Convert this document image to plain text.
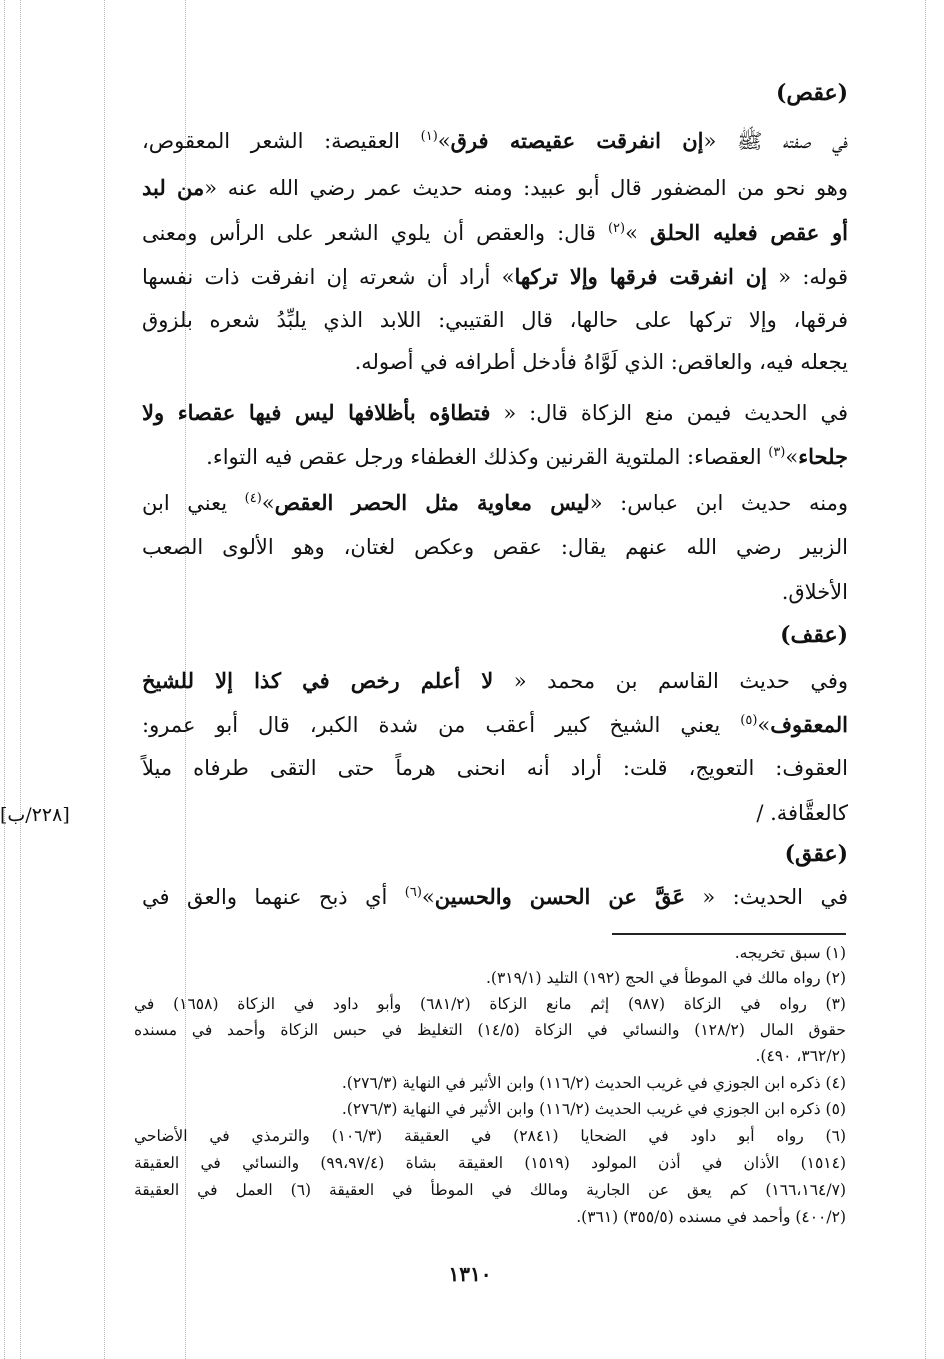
(عقص)
في صفته ﷺ «إن انفرقت عقيصته فرق»$^{(١)}$ العقيصة: الشعر المعقوص،
وهو نحو من المضفور قال أبو عبيد: ومنه حديث عمر رضي الله عنه «من لبد
أو عقص فعليه الحلق »$^{(٢)}$ قال: والعقص أن يلوي الشعر على الرأس ومعنى
قوله: « إن انفرقت فرقها وإلا تركها» أراد أن شعرته إن انفرقت ذات نفسها
فرقها، وإلا تركها على حالها، قال القتيبي: اللابد الذي يلبِّدُ شعره بلزوق
يجعله فيه، والعاقص: الذي لَوَّاهُ فأدخل أطرافه في أصوله.
في الحديث فيمن منع الزكاة قال: « فتطاؤه بأظلافها ليس فيها عقصاء ولا
جلحاء»$^{(٣)}$ العقصاء: الملتوية القرنين وكذلك الغطفاء ورجل عقص فيه التواء.
ومنه حديث ابن عباس: «ليس معاوية مثل الحصر العقص»$^{(٤)}$ يعني ابن
الزبير رضي الله عنهم يقال: عقص وعكص لغتان، وهو الألوى الصعب
الأخلاق.
(عقف)
وفي حديث القاسم بن محمد « لا أعلم رخص في كذا إلا للشيخ
المعقوف»$^{(٥)}$ يعني الشيخ كبير أعقب من شدة الكبر، قال أبو عمرو:
العقوف: التعويج، قلت: أراد أنه انحنى هرماً حتى التقى طرفاه ميلاً
كالعقَّافة. /
(عقق)
في الحديث: « عَقَّ عن الحسن والحسين»$^{(٦)}$ أي ذبح عنهما والعق في
[٢٢٨/ب]
(١) سبق تخريجه.
(٢) رواه مالك في الموطأ في الحج (١٩٢) التليد (٣١٩/١).
(٣) رواه في الزكاة (٩٨٧) إثم مانع الزكاة (٦٨١/٢) وأبو داود في الزكاة (١٦٥٨) في
حقوق المال (١٢٨/٢) والنسائي في الزكاة (١٤/٥) التغليظ في حبس الزكاة وأحمد في مسنده
(٣٦٢/٢، ٤٩٠).
(٤) ذكره ابن الجوزي في غريب الحديث (١١٦/٢) وابن الأثير في النهاية (٢٧٦/٣).
(٥) ذكره ابن الجوزي في غريب الحديث (١١٦/٢) وابن الأثير في النهاية (٢٧٦/٣).
(٦) رواه أبو داود في الضحايا (٢٨٤١) في العقيقة (١٠٦/٣) والترمذي في الأضاحي
(١٥١٤) الأذان في أذن المولود (١٥١٩) العقيقة بشاة (٩٩،٩٧/٤) والنسائي في العقيقة
(١٦٦،١٦٤/٧) كم يعق عن الجارية ومالك في الموطأ في العقيقة (٦) العمل في العقيقة
(٤٠٠/٢) وأحمد في مسنده (٣٥٥/٥) (٣٦١).
١٣١٠
